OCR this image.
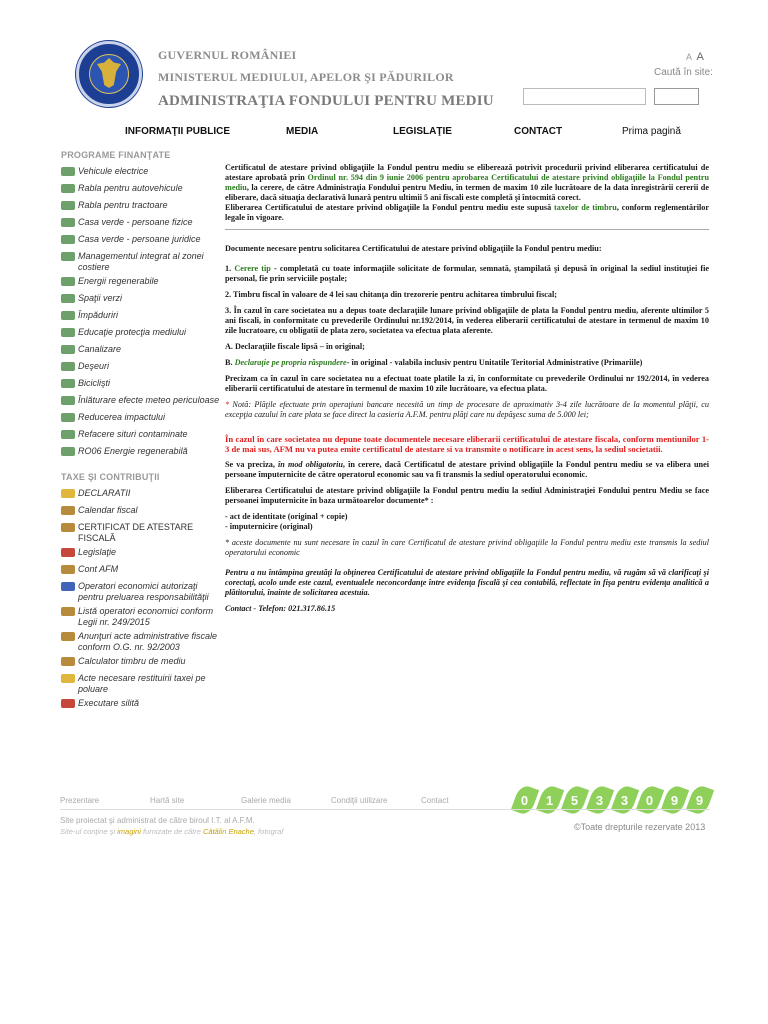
GUVERNUL ROMÂNIEI
MINISTERUL MEDIULUI, APELOR ŞI PĂDURILOR
ADMINISTRAŢIA FONDULUI PENTRU MEDIU
A A
Caută în site:
INFORMAŢII PUBLICE	MEDIA	LEGISLAŢIE	CONTACT	Prima pagină
PROGRAME FINANŢATE
Vehicule electrice
Rabla pentru autovehicule
Rabla pentru tractoare
Casa verde - persoane fizice
Casa verde - persoane juridice
Managementul integrat al zonei costiere
Energii regenerabile
Spaţii verzi
Împăduriri
Educaţie protecţia mediului
Canalizare
Deşeuri
Biciclişti
Înlăturare efecte meteo periculoase
Reducerea impactului
Refacere situri contaminate
RO06 Energie regenerabilă
TAXE ŞI CONTRIBUŢII
DECLARATII
Calendar fiscal
CERTIFICAT DE ATESTARE FISCALĂ
Legislaţie
Cont AFM
Operatori economici autorizaţi pentru preluarea responsabilităţii
Listă operatori economici conform Legii nr. 249/2015
Anunţuri acte administrative fiscale conform O.G. nr. 92/2003
Calculator timbru de mediu
Acte necesare restituirii taxei pe poluare
Executare silită

Certificatul de atestare privind obligaţiile la Fondul pentru mediu se eliberează potrivit procedurii privind eliberarea certificatului de atestare aprobată prin Ordinul nr. 594 din 9 iunie 2006 pentru aprobarea Certificatului de atestare privind obligaţiile la Fondul pentru mediu, la cerere, de către Administraţia Fondului pentru Mediu, în termen de maxim 10 zile lucrătoare de la data înregistrării cererii de eliberare, dacă situaţia declarativă lunară pentru ultimii 5 ani fiscali este completă şi întocmită corect.
Eliberarea Certificatului de atestare privind obligaţiile la Fondul pentru mediu este supusă taxelor de timbru, conform reglementărilor legale în vigoare.

Documente necesare pentru solicitarea Certificatului de atestare privind obligaţiile la Fondul pentru mediu:

1. Cerere tip - completată cu toate informaţiile solicitate de formular, semnată, ştampilată şi depusă în original la sediul instituţiei fie personal, fie prin serviciile poştale;

2. Timbru fiscal în valoare de 4 lei sau chitanţa din trezorerie pentru achitarea timbrului fiscal;

3. În cazul în care societatea nu a depus toate declaraţiile lunare privind obligaţiile de plata la Fondul pentru mediu, aferente ultimilor 5 ani fiscali, în conformitate cu prevederile Ordinului nr.192/2014, în vederea eliberarii certificatului de atestare in termenul de maxim 10 zile lucratoare, cu obligatii de plata zero, societatea va efectua plata aferente.

A. Declaraţiile fiscale lipsă – în original;

B. Declaraţie pe propria răspundere- în original - valabila inclusiv pentru Unitatile Teritorial Administrative (Primariile)

Precizam ca în cazul în care societatea nu a efectuat toate platile la zi, în conformitate cu prevederile Ordinului nr 192/2014, în vederea eliberarii certificatului de atestare în termenul de maxim 10 zile lucrătoare, va efectua plata.

* Notă: Plăţile efectuate prin operaţiuni bancare necesită un timp de procesare de aproximativ 3-4 zile lucrătoare de la momentul plăţii, cu excepţia cazului în care plata se face direct la casieria A.F.M. pentru plăţi care nu depăşesc suma de 5.000 lei;

În cazul în care societatea nu depune toate documentele necesare eliberarii certificatului de atestare fiscala, conform mentiunilor 1-3 de mai sus, AFM nu va putea emite certificatul de atestare si va transmite o notificare in acest sens, la sediul societatii.

Se va preciza, în mod obligatoriu, în cerere, dacă Certificatul de atestare privind obligaţiile la Fondul pentru mediu se va elibera unei persoane împuternicite de către operatorul economic sau va fi transmis la sediul operatorului economic.

Eliberarea Certificatului de atestare privind obligaţiile la Fondul pentru mediu la sediul Administraţiei Fondului pentru Mediu se face persoanei împuternicite în baza următoarelor documente* :

- act de identitate (original + copie)
- împuternicire (original)

* aceste documente nu sunt necesare în cazul în care Certificatul de atestare privind obligaţiile la Fondul pentru mediu este transmis la sediul operatorului economic

Pentru a nu întâmpina greutăţi la obţinerea Certificatului de atestare privind obligaţiile la Fondul pentru mediu, vă rugăm să vă clarificaţi şi corectaţi, acolo unde este cazul, eventualele neconcordanţe între evidenţa fiscală şi cea contabilă, reflectate în fişa pentru evidenţa analitică a plătitorului, înainte de solicitarea acestuia.

Contact - Telefon: 021.317.86.15

Prezentare	Hartă site	Galerie media	Condiţii utilizare	Contact	0 1 5 3 3 0 9 9
Site proiectat şi administrat de către biroul I.T. al A.F.M.
Site-ul conţine şi imagini furnizate de către Cătălin Enache, fotograf	©Toate drepturile rezervate 2013
